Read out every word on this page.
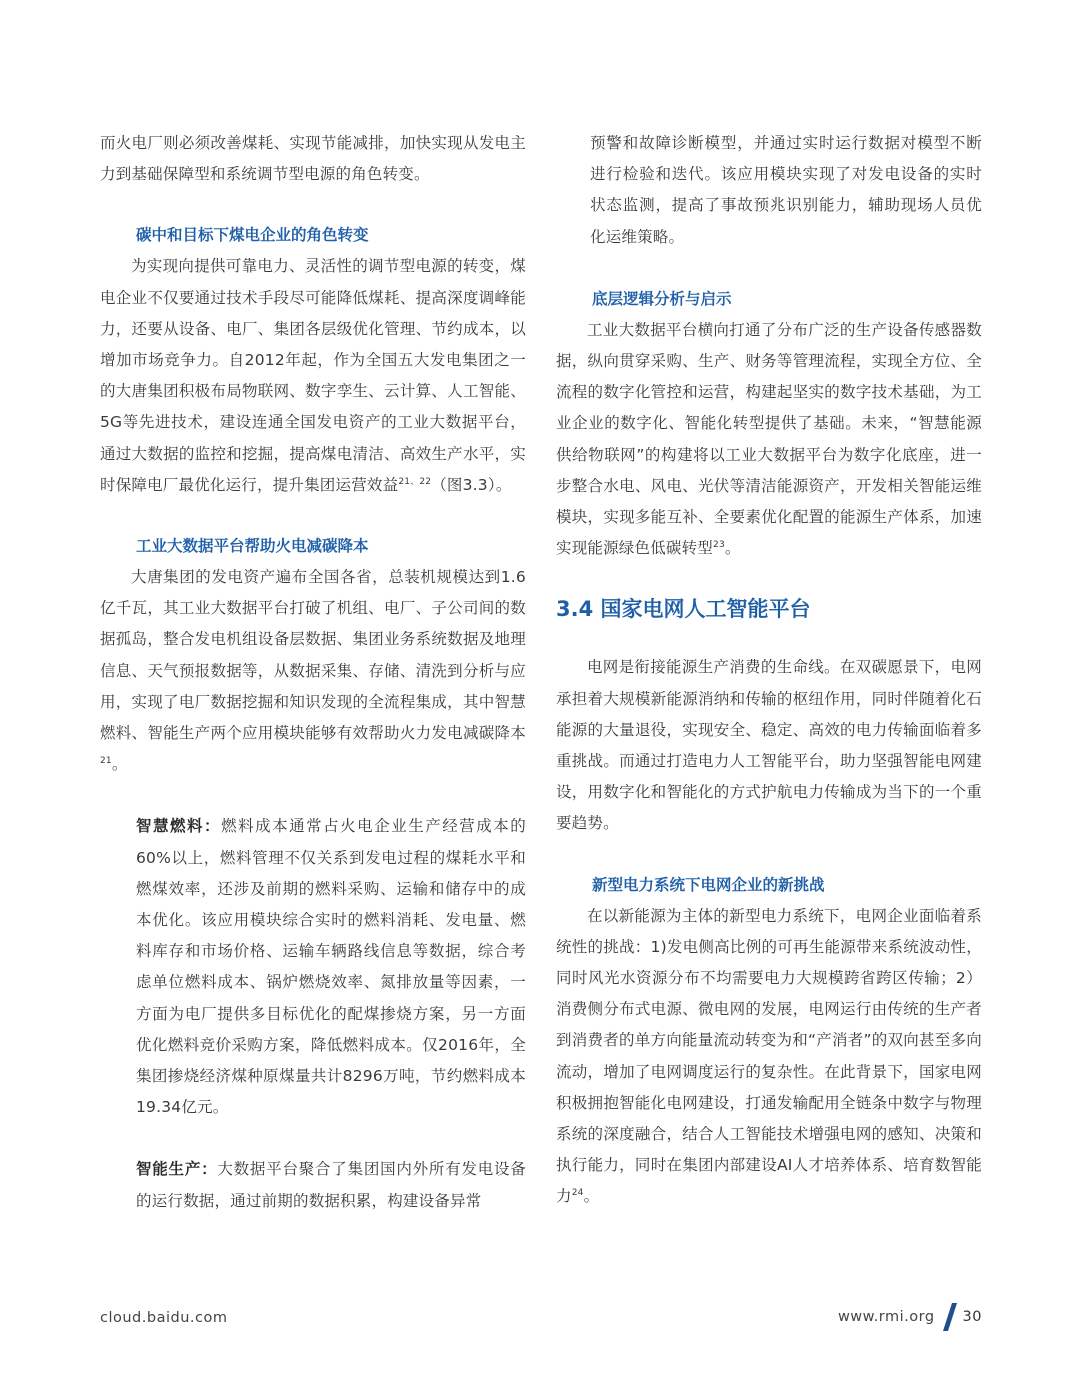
而火电厂则必须改善煤耗、实现节能减排，加快实现从发电主力到基础保障型和系统调节型电源的角色转变。

碳中和目标下煤电企业的角色转变

为实现向提供可靠电力、灵活性的调节型电源的转变，煤电企业不仅要通过技术手段尽可能降低煤耗、提高深度调峰能力，还要从设备、电厂、集团各层级优化管理、节约成本，以增加市场竞争力。自2012年起，作为全国五大发电集团之一的大唐集团积极布局物联网、数字孪生、云计算、人工智能、5G等先进技术，建设连通全国发电资产的工业大数据平台，通过大数据的监控和挖掘，提高煤电清洁、高效生产水平，实时保障电厂最优化运行，提升集团运营效益$^{21、22}$（图3.3）。

工业大数据平台帮助火电减碳降本

大唐集团的发电资产遍布全国各省，总装机规模达到1.6亿千瓦，其工业大数据平台打破了机组、电厂、子公司间的数据孤岛，整合发电机组设备层数据、集团业务系统数据及地理信息、天气预报数据等，从数据采集、存储、清洗到分析与应用，实现了电厂数据挖掘和知识发现的全流程集成，其中智慧燃料、智能生产两个应用模块能够有效帮助火力发电减碳降本$^{21}$。

智慧燃料：燃料成本通常占火电企业生产经营成本的60%以上，燃料管理不仅关系到发电过程的煤耗水平和燃煤效率，还涉及前期的燃料采购、运输和储存中的成本优化。该应用模块综合实时的燃料消耗、发电量、燃料库存和市场价格、运输车辆路线信息等数据，综合考虑单位燃料成本、锅炉燃烧效率、氮排放量等因素，一方面为电厂提供多目标优化的配煤掺烧方案，另一方面优化燃料竞价采购方案，降低燃料成本。仅2016年，全集团掺烧经济煤种原煤量共计8296万吨，节约燃料成本19.34亿元。

智能生产：大数据平台聚合了集团国内外所有发电设备的运行数据，通过前期的数据积累，构建设备异常

预警和故障诊断模型，并通过实时运行数据对模型不断进行检验和迭代。该应用模块实现了对发电设备的实时状态监测，提高了事故预兆识别能力，辅助现场人员优化运维策略。

底层逻辑分析与启示

工业大数据平台横向打通了分布广泛的生产设备传感器数据，纵向贯穿采购、生产、财务等管理流程，实现全方位、全流程的数字化管控和运营，构建起坚实的数字技术基础，为工业企业的数字化、智能化转型提供了基础。未来，“智慧能源供给物联网”的构建将以工业大数据平台为数字化底座，进一步整合水电、风电、光伏等清洁能源资产，开发相关智能运维模块，实现多能互补、全要素优化配置的能源生产体系，加速实现能源绿色低碳转型$^{23}$。

3.4 国家电网人工智能平台

电网是衔接能源生产消费的生命线。在双碳愿景下，电网承担着大规模新能源消纳和传输的枢纽作用，同时伴随着化石能源的大量退役，实现安全、稳定、高效的电力传输面临着多重挑战。而通过打造电力人工智能平台，助力坚强智能电网建设，用数字化和智能化的方式护航电力传输成为当下的一个重要趋势。

新型电力系统下电网企业的新挑战

在以新能源为主体的新型电力系统下，电网企业面临着系统性的挑战：1)发电侧高比例的可再生能源带来系统波动性，同时风光水资源分布不均需要电力大规模跨省跨区传输；2）消费侧分布式电源、微电网的发展，电网运行由传统的生产者到消费者的单方向能量流动转变为和“产消者”的双向甚至多向流动，增加了电网调度运行的复杂性。在此背景下，国家电网积极拥抱智能化电网建设，打通发输配用全链条中数字与物理系统的深度融合，结合人工智能技术增强电网的感知、决策和执行能力，同时在集团内部建设AI人才培养体系、培育数智能力$^{24}$。

cloud.baidu.com	www.rmi.org 30
